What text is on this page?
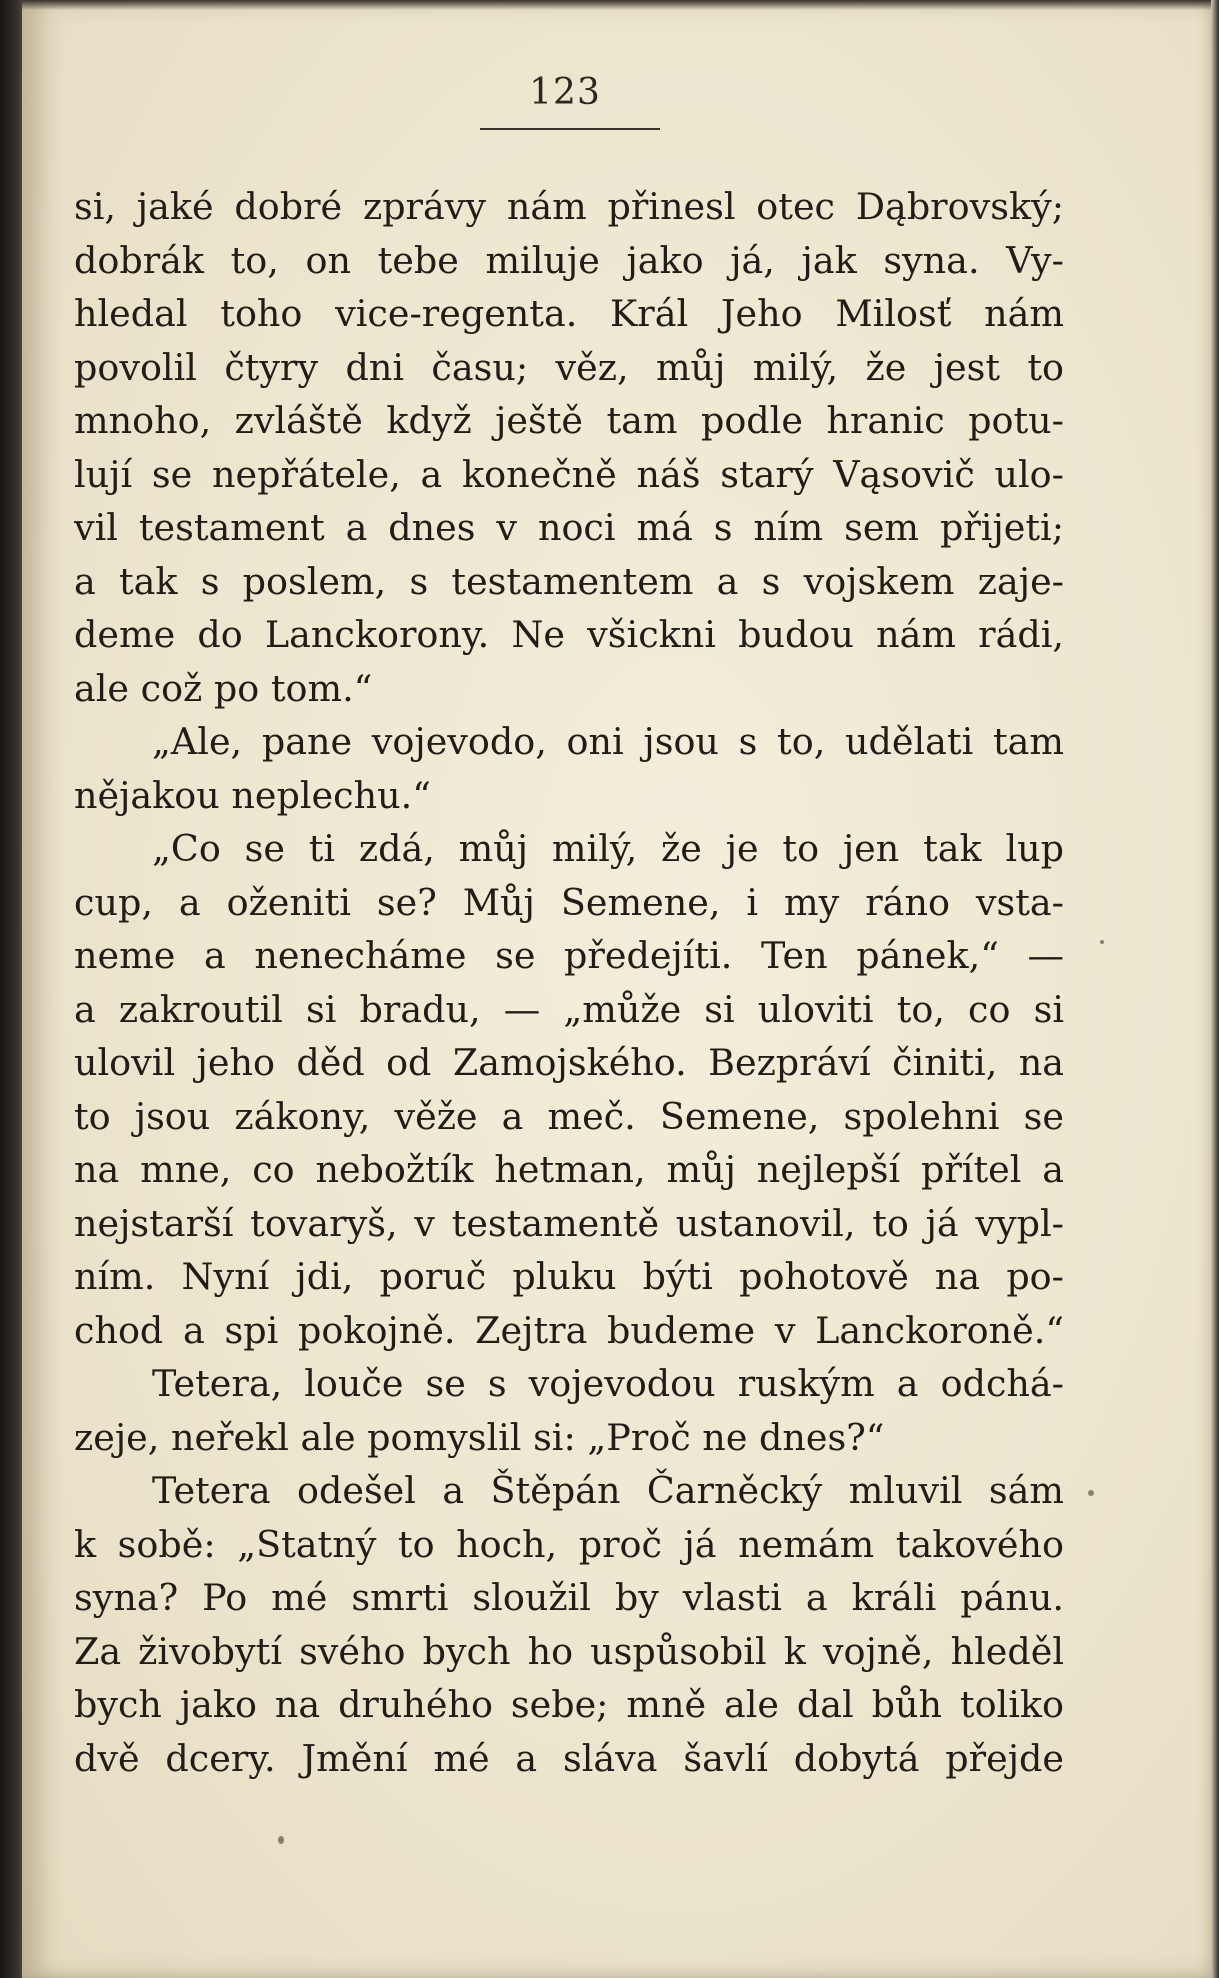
123
si, jaké dobré zprávy nám přinesl otec Dąbrovský;
dobrák to, on tebe miluje jako já, jak syna. Vy-
hledal toho vice-regenta. Král Jeho Milosť nám
povolil čtyry dni času; věz, můj milý, že jest to
mnoho, zvláště když ještě tam podle hranic potu-
lují se nepřátele, a konečně náš starý Vąsovič ulo-
vil testament a dnes v noci má s ním sem přijeti;
a tak s poslem, s testamentem a s vojskem zaje-
deme do Lanckorony. Ne všickni budou nám rádi,
ale což po tom.“
„Ale, pane vojevodo, oni jsou s to, udělati tam
nějakou neplechu.“
„Co se ti zdá, můj milý, že je to jen tak lup
cup, a oženiti se? Můj Semene, i my ráno vsta-
neme a nenecháme se předejíti. Ten pánek,“ —
a zakroutil si bradu, — „může si uloviti to, co si
ulovil jeho děd od Zamojského. Bezpráví činiti, na
to jsou zákony, věže a meč. Semene, spolehni se
na mne, co nebožtík hetman, můj nejlepší přítel a
nejstarší tovaryš, v testamentě ustanovil, to já vypl-
ním. Nyní jdi, poruč pluku býti pohotově na po-
chod a spi pokojně. Zejtra budeme v Lanckoroně.“
Tetera, louče se s vojevodou ruským a odchá-
zeje, neřekl ale pomyslil si: „Proč ne dnes?“
Tetera odešel a Štěpán Čarněcký mluvil sám
k sobě: „Statný to hoch, proč já nemám takového
syna? Po mé smrti sloužil by vlasti a králi pánu.
Za živobytí svého bych ho uspůsobil k vojně, hleděl
bych jako na druhého sebe; mně ale dal bůh toliko
dvě dcery. Jmění mé a sláva šavlí dobytá přejde
